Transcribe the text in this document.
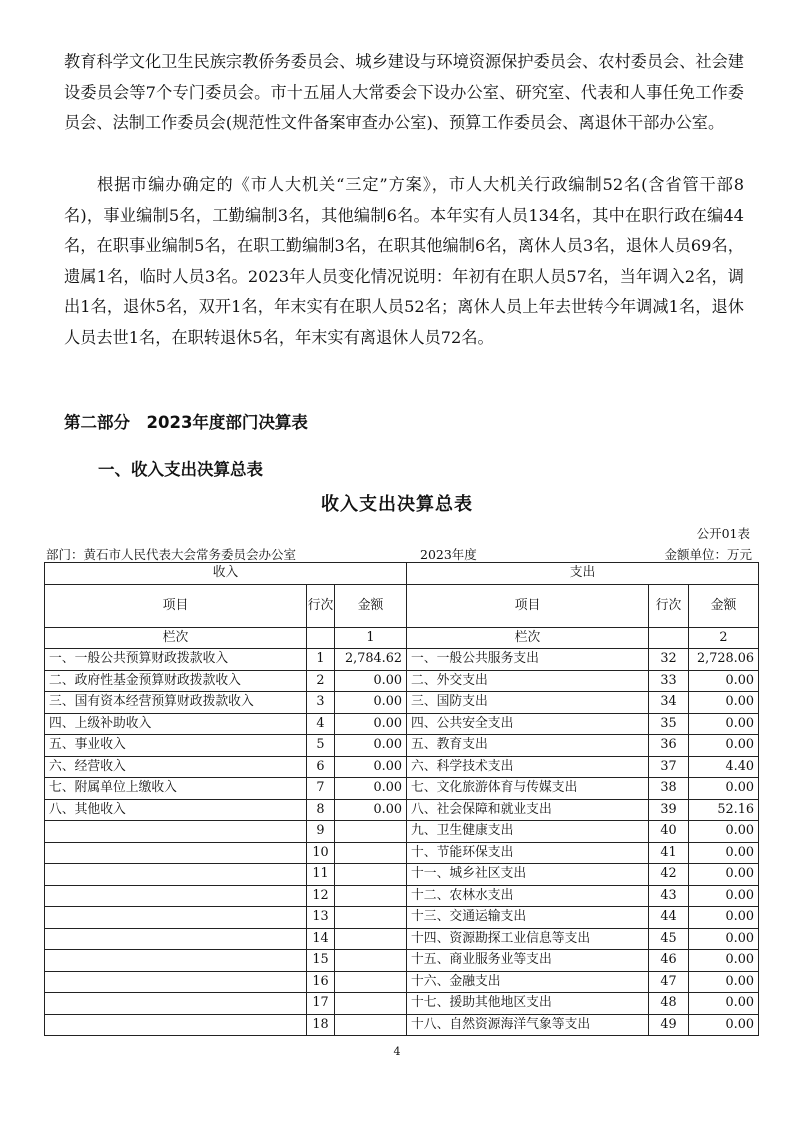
教育科学文化卫生民族宗教侨务委员会、城乡建设与环境资源保护委员会、农村委员会、社会建设委员会等7个专门委员会。市十五届人大常委会下设办公室、研究室、代表和人事任免工作委员会、法制工作委员会(规范性文件备案审查办公室)、预算工作委员会、离退休干部办公室。

根据市编办确定的《市人大机关“三定”方案》，市人大机关行政编制52名(含省管干部8名)，事业编制5名，工勤编制3名，其他编制6名。本年实有人员134名，其中在职行政在编44名，在职事业编制5名，在职工勤编制3名，在职其他编制6名，离休人员3名，退休人员69名，遗属1名，临时人员3名。2023年人员变化情况说明：年初有在职人员57名，当年调入2名，调出1名，退休5名，双开1名，年末实有在职人员52名；离休人员上年去世转今年调减1名，退休人员去世1名，在职转退休5名，年末实有离退休人员72名。

第二部分　2023年度部门决算表
一、收入支出决算总表
收入支出决算总表
公开01表
部门：黄石市人民代表大会常务委员会办公室	2023年度	金额单位：万元
收入			支出		
项目	行次	金额	项目	行次	金额
栏次		1	栏次		2
一、一般公共预算财政拨款收入	1	2,784.62	一、一般公共服务支出	32	2,728.06
二、政府性基金预算财政拨款收入	2	0.00	二、外交支出	33	0.00
三、国有资本经营预算财政拨款收入	3	0.00	三、国防支出	34	0.00
四、上级补助收入	4	0.00	四、公共安全支出	35	0.00
五、事业收入	5	0.00	五、教育支出	36	0.00
六、经营收入	6	0.00	六、科学技术支出	37	4.40
七、附属单位上缴收入	7	0.00	七、文化旅游体育与传媒支出	38	0.00
八、其他收入	8	0.00	八、社会保障和就业支出	39	52.16
	9		九、卫生健康支出	40	0.00
	10		十、节能环保支出	41	0.00
	11		十一、城乡社区支出	42	0.00
	12		十二、农林水支出	43	0.00
	13		十三、交通运输支出	44	0.00
	14		十四、资源勘探工业信息等支出	45	0.00
	15		十五、商业服务业等支出	46	0.00
	16		十六、金融支出	47	0.00
	17		十七、援助其他地区支出	48	0.00
	18		十八、自然资源海洋气象等支出	49	0.00
4
